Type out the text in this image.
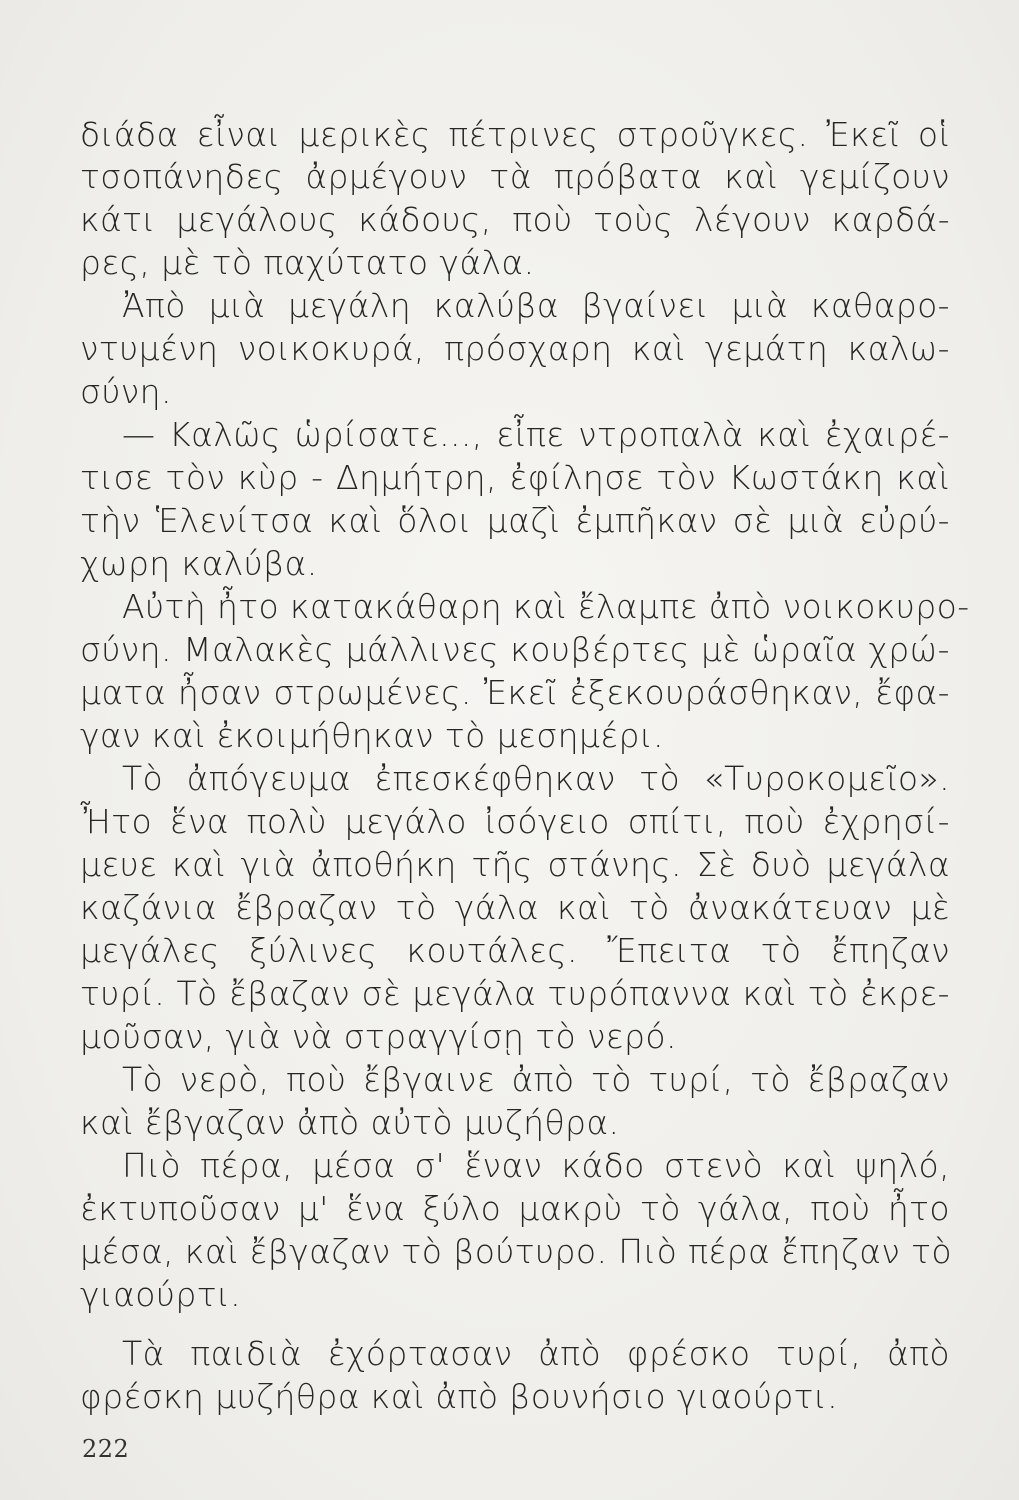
διάδα εἶναι μερικὲς πέτρινες στροῦγκες. Ἐκεῖ οἱ

τσοπάνηδες ἀρμέγουν τὰ πρόβατα καὶ γεμίζουν

κάτι μεγάλους κάδους, ποὺ τοὺς λέγουν καρδά-

ρες, μὲ τὸ παχύτατο γάλα.

Ἀπὸ μιὰ μεγάλη καλύβα βγαίνει μιὰ καθαρο-

ντυμένη νοικοκυρά, πρόσχαρη καὶ γεμάτη καλω-

σύνη.

— Καλῶς ὡρίσατε..., εἶπε ντροπαλὰ καὶ ἐχαιρέ-

τισε τὸν κὺρ - Δημήτρη, ἐφίλησε τὸν Κωστάκη καὶ

τὴν Ἑλενίτσα καὶ ὅλοι μαζὶ ἐμπῆκαν σὲ μιὰ εὐρύ-

χωρη καλύβα.

Αὐτὴ ἦτο κατακάθαρη καὶ ἔλαμπε ἀπὸ νοικοκυρο-

σύνη. Μαλακὲς μάλλινες κουβέρτες μὲ ὡραῖα χρώ-

ματα ἦσαν στρωμένες. Ἐκεῖ ἐξεκουράσθηκαν, ἔφα-

γαν καὶ ἐκοιμήθηκαν τὸ μεσημέρι.

Τὸ ἀπόγευμα ἐπεσκέφθηκαν τὸ «Τυροκομεῖο».

Ἦτο ἕνα πολὺ μεγάλο ἰσόγειο σπίτι, ποὺ ἐχρησί-

μευε καὶ γιὰ ἀποθήκη τῆς στάνης. Σὲ δυὸ μεγάλα

καζάνια ἔβραζαν τὸ γάλα καὶ τὸ ἀνακάτευαν μὲ

μεγάλες ξύλινες κουτάλες. Ἔπειτα τὸ ἔπηζαν

τυρί. Τὸ ἔβαζαν σὲ μεγάλα τυρόπαννα καὶ τὸ ἐκρε-

μοῦσαν, γιὰ νὰ στραγγίσῃ τὸ νερό.

Τὸ νερὸ, ποὺ ἔβγαινε ἀπὸ τὸ τυρί, τὸ ἔβραζαν

καὶ ἔβγαζαν ἀπὸ αὐτὸ μυζήθρα.

Πιὸ πέρα, μέσα σ' ἕναν κάδο στενὸ καὶ ψηλό,

ἐκτυποῦσαν μ' ἕνα ξύλο μακρὺ τὸ γάλα, ποὺ ἦτο

μέσα, καὶ ἔβγαζαν τὸ βούτυρο. Πιὸ πέρα ἔπηζαν τὸ

γιαούρτι.

Τὰ παιδιὰ ἐχόρτασαν ἀπὸ φρέσκο τυρί, ἀπὸ

φρέσκη μυζήθρα καὶ ἀπὸ βουνήσιο γιαούρτι.

222
